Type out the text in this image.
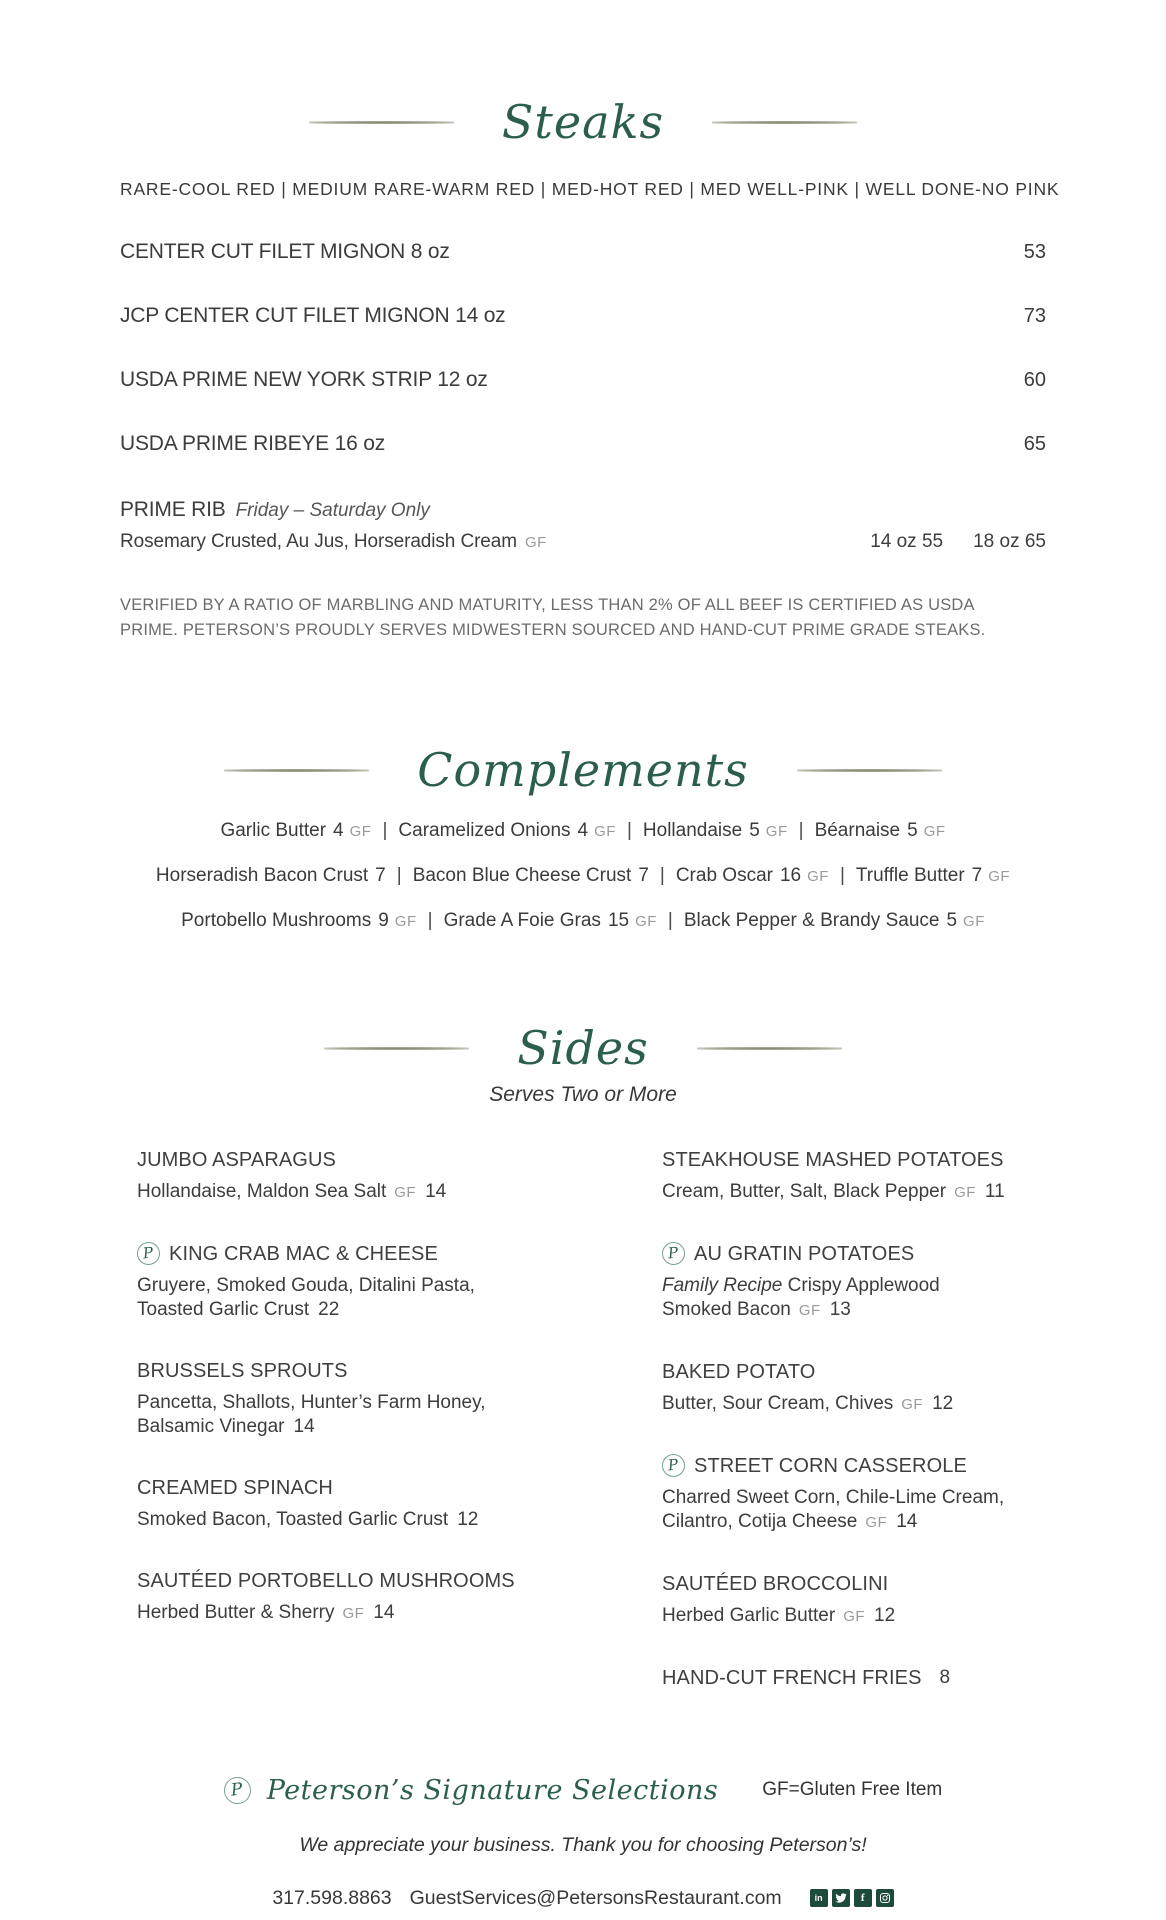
Steaks

RARE-COOL RED | MEDIUM RARE-WARM RED | MED-HOT RED | MED WELL-PINK | WELL DONE-NO PINK

CENTER CUT FILET MIGNON 8 oz	53
JCP CENTER CUT FILET MIGNON 14 oz	73
USDA PRIME NEW YORK STRIP 12 oz	60
USDA PRIME RIBEYE 16 oz	65
PRIME RIB Friday – Saturday Only
Rosemary Crusted, Au Jus, Horseradish Cream GF	14 oz 55 18 oz 65

VERIFIED BY A RATIO OF MARBLING AND MATURITY, LESS THAN 2% OF ALL BEEF IS CERTIFIED AS USDA PRIME. PETERSON’S PROUDLY SERVES MIDWESTERN SOURCED AND HAND-CUT PRIME GRADE STEAKS.

Complements

Garlic Butter 4 GF | Caramelized Onions 4 GF | Hollandaise 5 GF | Béarnaise 5 GF

Horseradish Bacon Crust 7 | Bacon Blue Cheese Crust 7 | Crab Oscar 16 GF | Truffle Butter 7 GF

Portobello Mushrooms 9 GF | Grade A Foie Gras 15 GF | Black Pepper & Brandy Sauce 5 GF

Sides

Serves Two or More

JUMBO ASPARAGUS
Hollandaise, Maldon Sea Salt GF 14
P KING CRAB MAC & CHEESE
Gruyere, Smoked Gouda, Ditalini Pasta,
Toasted Garlic Crust 22
BRUSSELS SPROUTS
Pancetta, Shallots, Hunter’s Farm Honey,
Balsamic Vinegar 14
CREAMED SPINACH
Smoked Bacon, Toasted Garlic Crust 12
SAUTÉED PORTOBELLO MUSHROOMS
Herbed Butter & Sherry GF 14
STEAKHOUSE MASHED POTATOES
Cream, Butter, Salt, Black Pepper GF 11
P AU GRATIN POTATOES
Family Recipe Crispy Applewood
Smoked Bacon GF 13
BAKED POTATO
Butter, Sour Cream, Chives GF 12
P STREET CORN CASSEROLE
Charred Sweet Corn, Chile-Lime Cream,
Cilantro, Cotija Cheese GF 14
SAUTÉED BROCCOLINI
Herbed Garlic Butter GF 12
HAND-CUT FRENCH FRIES 8
P Peterson’s Signature Selections GF=Gluten Free Item

We appreciate your business. Thank you for choosing Peterson’s!

317.598.8863 GuestServices@PetersonsRestaurant.com	in	f
